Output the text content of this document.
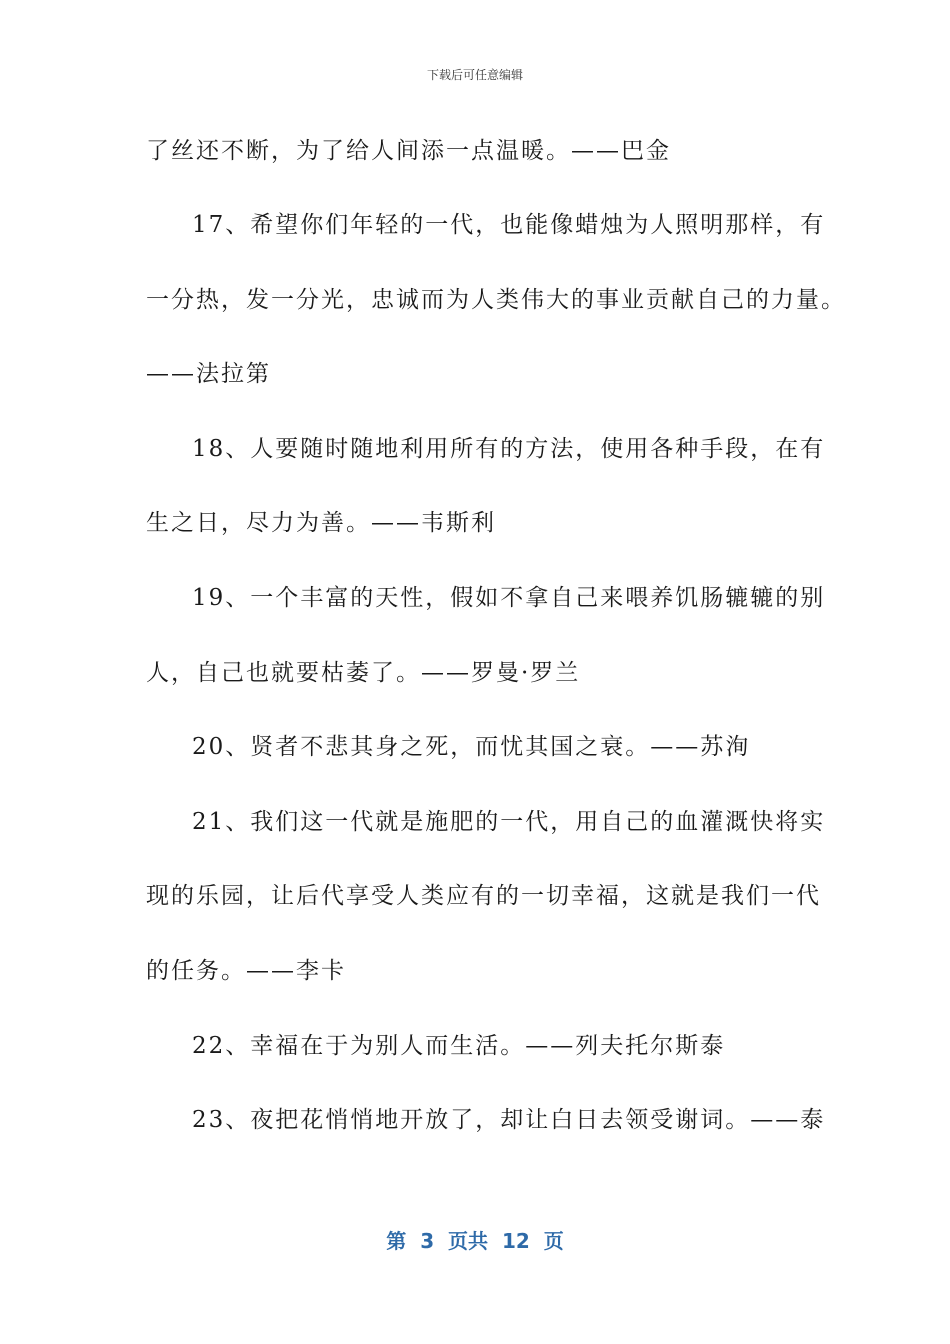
下载后可任意编辑
了丝还不断，为了给人间添一点温暖。——巴金
17、希望你们年轻的一代，也能像蜡烛为人照明那样，有
一分热，发一分光，忠诚而为人类伟大的事业贡献自己的力量。
——法拉第
18、人要随时随地利用所有的方法，使用各种手段，在有
生之日，尽力为善。——韦斯利
19、一个丰富的天性，假如不拿自己来喂养饥肠辘辘的别
人，自己也就要枯萎了。——罗曼·罗兰
20、贤者不悲其身之死，而忧其国之衰。——苏洵
21、我们这一代就是施肥的一代，用自己的血灌溉快将实
现的乐园，让后代享受人类应有的一切幸福，这就是我们一代
的任务。——李卡
22、幸福在于为别人而生活。——列夫托尔斯泰
23、夜把花悄悄地开放了，却让白日去领受谢词。——泰
第  3  页共  12  页
